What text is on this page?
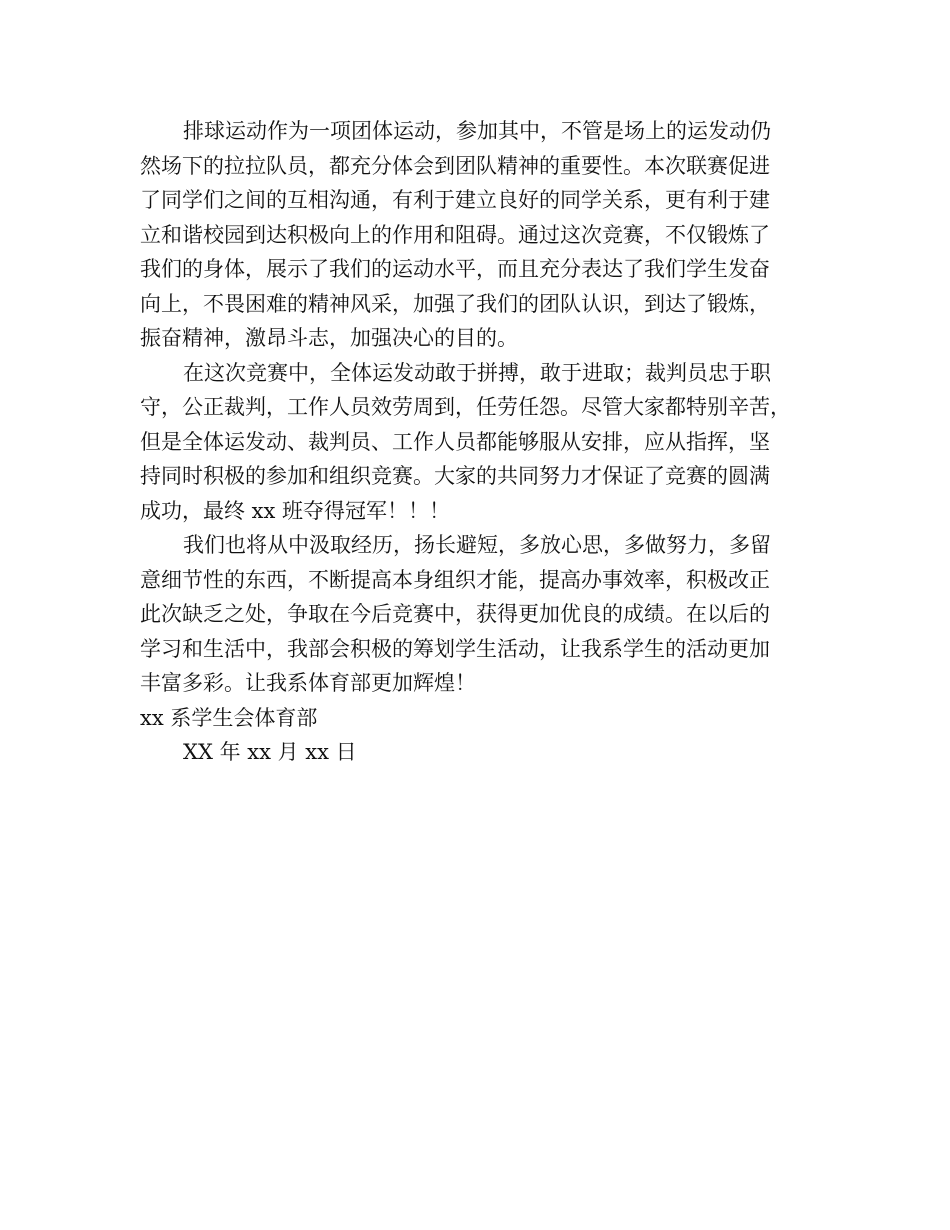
排球运动作为一项团体运动，参加其中，不管是场上的运发动仍
然场下的拉拉队员，都充分体会到团队精神的重要性。本次联赛促进
了同学们之间的互相沟通，有利于建立良好的同学关系，更有利于建
立和谐校园到达积极向上的作用和阻碍。通过这次竞赛，不仅锻炼了
我们的身体，展示了我们的运动水平，而且充分表达了我们学生发奋
向上，不畏困难的精神风采，加强了我们的团队认识，到达了锻炼，
振奋精神，激昂斗志，加强决心的目的。

在这次竞赛中，全体运发动敢于拼搏，敢于进取；裁判员忠于职
守，公正裁判，工作人员效劳周到，任劳任怨。尽管大家都特别辛苦，
但是全体运发动、裁判员、工作人员都能够服从安排，应从指挥，坚
持同时积极的参加和组织竞赛。大家的共同努力才保证了竞赛的圆满
成功，最终 xx 班夺得冠军！！！

我们也将从中汲取经历，扬长避短，多放心思，多做努力，多留
意细节性的东西，不断提高本身组织才能，提高办事效率，积极改正
此次缺乏之处，争取在今后竞赛中，获得更加优良的成绩。在以后的
学习和生活中，我部会积极的筹划学生活动，让我系学生的活动更加
丰富多彩。让我系体育部更加辉煌！

xx 系学生会体育部

XX 年 xx 月 xx 日
